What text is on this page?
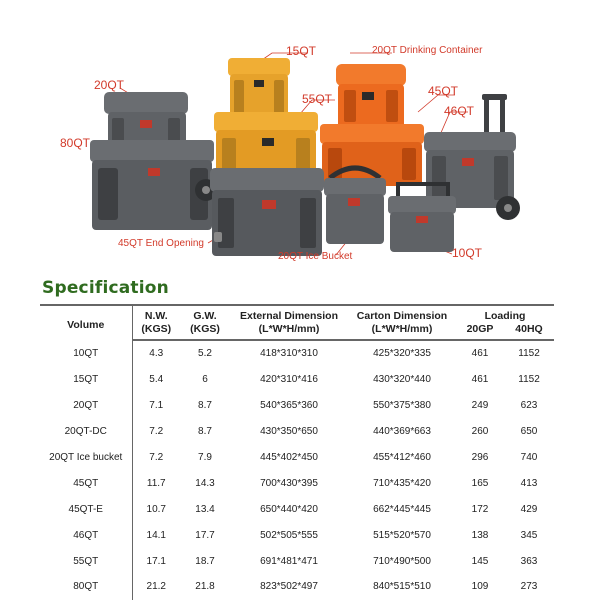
15QT	20QT Drinking Container
20QT
55QT
45QT
46QT
80QT
45QT End Opening
20QT Ice Bucket	10QT
Specification
Volume	N.W.	G.W.	External Dimension	Carton Dimension	Loading	
	(KGS)	(KGS)	(L*W*H/mm)	(L*W*H/mm)	20GP	40HQ
10QT	4.3	5.2	418*310*310	425*320*335	461	1152
15QT	5.4	6	420*310*416	430*320*440	461	1152
20QT	7.1	8.7	540*365*360	550*375*380	249	623
20QT-DC	7.2	8.7	430*350*650	440*369*663	260	650
20QT Ice bucket	7.2	7.9	445*402*450	455*412*460	296	740
45QT	11.7	14.3	700*430*395	710*435*420	165	413
45QT-E	10.7	13.4	650*440*420	662*445*445	172	429
46QT	14.1	17.7	502*505*555	515*520*570	138	345
55QT	17.1	18.7	691*481*471	710*490*500	145	363
80QT	21.2	21.8	823*502*497	840*515*510	109	273
